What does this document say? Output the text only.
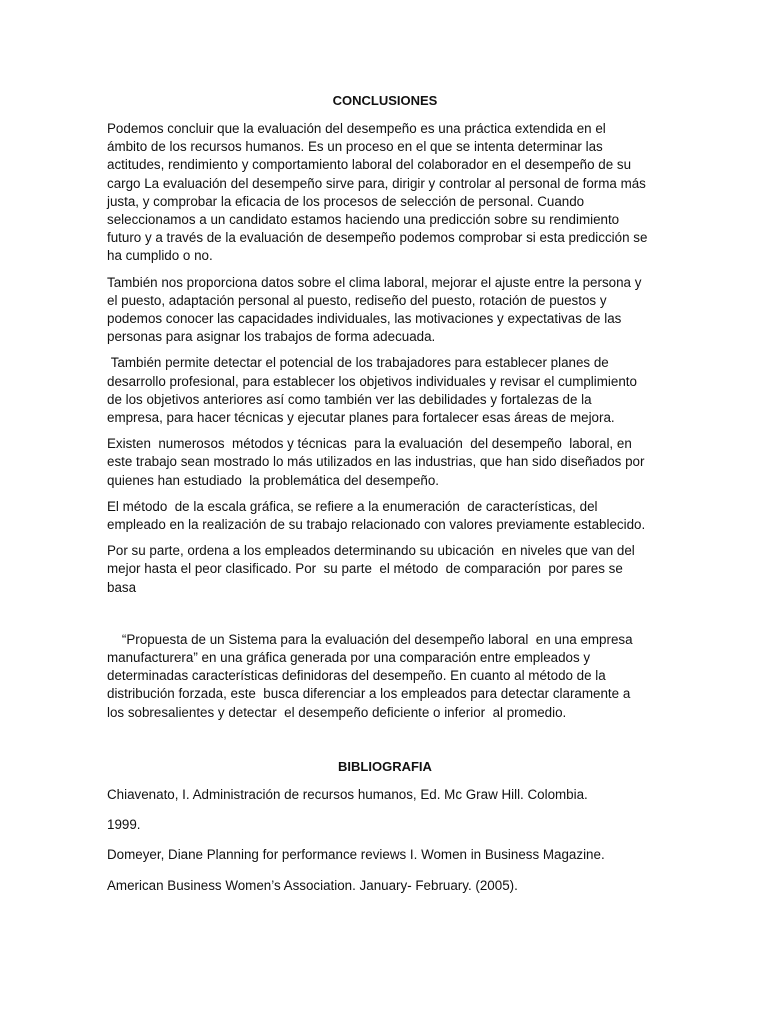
CONCLUSIONES

Podemos concluir que la evaluación del desempeño es una práctica extendida en el ámbito de los recursos humanos. Es un proceso en el que se intenta determinar las actitudes, rendimiento y comportamiento laboral del colaborador en el desempeño de su cargo La evaluación del desempeño sirve para, dirigir y controlar al personal de forma más justa, y comprobar la eficacia de los procesos de selección de personal. Cuando seleccionamos a un candidato estamos haciendo una predicción sobre su rendimiento futuro y a través de la evaluación de desempeño podemos comprobar si esta predicción se ha cumplido o no.

También nos proporciona datos sobre el clima laboral, mejorar el ajuste entre la persona y el puesto, adaptación personal al puesto, rediseño del puesto, rotación de puestos y podemos conocer las capacidades individuales, las motivaciones y expectativas de las personas para asignar los trabajos de forma adecuada.

También permite detectar el potencial de los trabajadores para establecer planes de desarrollo profesional, para establecer los objetivos individuales y revisar el cumplimiento de los objetivos anteriores así como también ver las debilidades y fortalezas de la empresa, para hacer técnicas y ejecutar planes para fortalecer esas áreas de mejora.

Existen  numerosos  métodos y técnicas  para la evaluación  del desempeño  laboral, en este trabajo sean mostrado lo más utilizados en las industrias, que han sido diseñados por quienes han estudiado  la problemática del desempeño.

El método  de la escala gráfica, se refiere a la enumeración  de características, del empleado en la realización de su trabajo relacionado con valores previamente establecido.

Por su parte, ordena a los empleados determinando su ubicación  en niveles que van del mejor hasta el peor clasificado. Por  su parte  el método  de comparación  por pares se basa

“Propuesta de un Sistema para la evaluación del desempeño laboral  en una empresa manufacturera” en una gráfica generada por una comparación entre empleados y determinadas características definidoras del desempeño. En cuanto al método de la distribución forzada, este  busca diferenciar a los empleados para detectar claramente a los sobresalientes y detectar  el desempeño deficiente o inferior  al promedio.

BIBLIOGRAFIA

Chiavenato, I. Administración de recursos humanos, Ed. Mc Graw Hill. Colombia.

1999.

Domeyer, Diane Planning for performance reviews I. Women in Business Magazine.

American Business Women’s Association. January- February. (2005).
